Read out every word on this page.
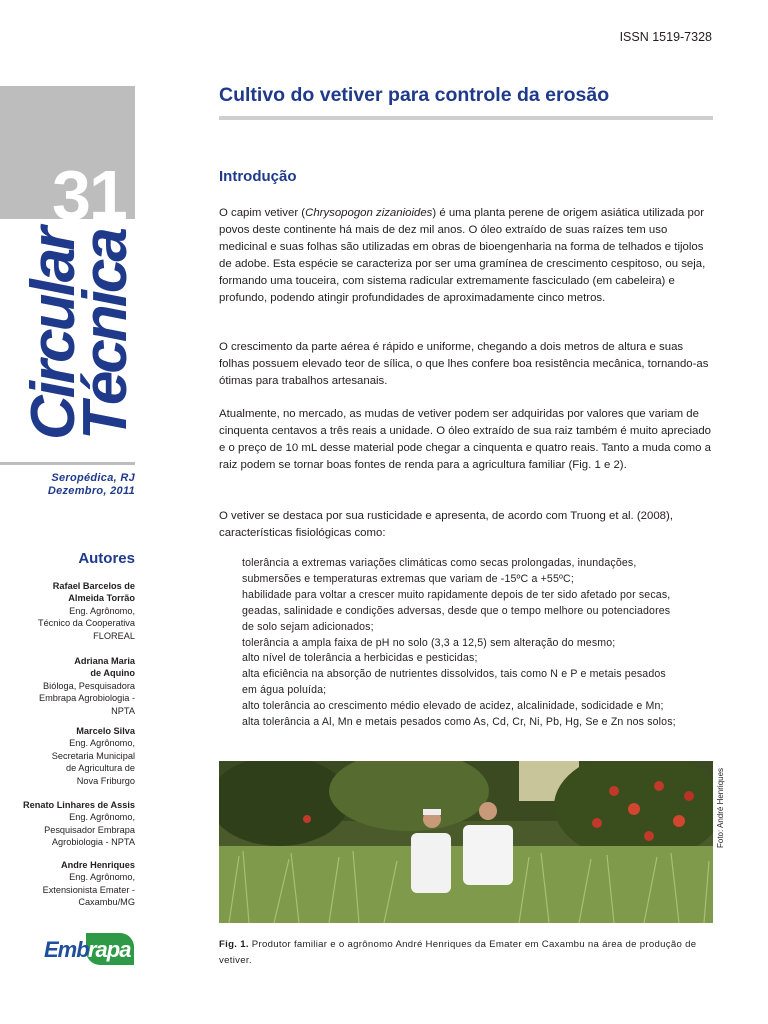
ISSN 1519-7328
31
Circular
Técnica
Seropédica, RJ
Dezembro, 2011
Autores
Rafael Barcelos de
Almeida Torrão
Eng. Agrônomo,
Técnico da Cooperativa
FLOREAL
Adriana Maria
de Aquino
Bióloga, Pesquisadora
Embrapa Agrobiologia -
NPTA
Marcelo Silva
Eng. Agrônomo,
Secretaria Municipal
de Agricultura de
Nova Friburgo
Renato Linhares de Assis
Eng. Agrônomo,
Pesquisador Embrapa
Agrobiologia - NPTA
Andre Henriques
Eng. Agrônomo,
Extensionista Emater -
Caxambu/MG
Emb rapa
Cultivo do vetiver para controle da erosão
Introdução
O capim vetiver (Chrysopogon zizanioides) é uma planta perene de origem asiática utilizada por povos deste continente há mais de dez mil anos. O óleo extraído de suas raízes tem uso medicinal e suas folhas são utilizadas em obras de bioengenharia na forma de telhados e tijolos de adobe. Esta espécie se caracteriza por ser uma gramínea de crescimento cespitoso, ou seja, formando uma touceira, com sistema radicular extremamente fasciculado (em cabeleira) e profundo, podendo atingir profundidades de aproximadamente cinco metros.
O crescimento da parte aérea é rápido e uniforme, chegando a dois metros de altura e suas folhas possuem elevado teor de sílica, o que lhes confere boa resistência mecânica, tornando-as ótimas para trabalhos artesanais.
Atualmente, no mercado, as mudas de vetiver podem ser adquiridas por valores que variam de cinquenta centavos a três reais a unidade. O óleo extraído de sua raiz também é muito apreciado e o preço de 10 mL desse material pode chegar a cinquenta e quatro reais. Tanto a muda como a raiz podem se tornar boas fontes de renda para a agricultura familiar (Fig. 1 e 2).
O vetiver se destaca por sua rusticidade e apresenta, de acordo com Truong et al. (2008), características fisiológicas como:
tolerância a extremas variações climáticas como secas prolongadas, inundações,
submersões e temperaturas extremas que variam de -15ºC a +55ºC;
habilidade para voltar a crescer muito rapidamente depois de ter sido afetado por secas,
geadas, salinidade e condições adversas, desde que o tempo melhore ou potenciadores
de solo sejam adicionados;
tolerância a ampla faixa de pH no solo (3,3 a 12,5) sem alteração do mesmo;
alto nível de tolerância a herbicidas e pesticidas;
alta eficiência na absorção de nutrientes dissolvidos, tais como N e P e metais pesados
em água poluída;
alto tolerância ao crescimento médio elevado de acidez, alcalinidade, sodicidade e Mn;
alta tolerância a Al, Mn e metais pesados como As, Cd, Cr, Ni, Pb, Hg, Se e Zn nos solos;
Foto: André Henriques
Fig. 1. Produtor familiar e o agrônomo André Henriques da Emater em Caxambu na área de produção de vetiver.
